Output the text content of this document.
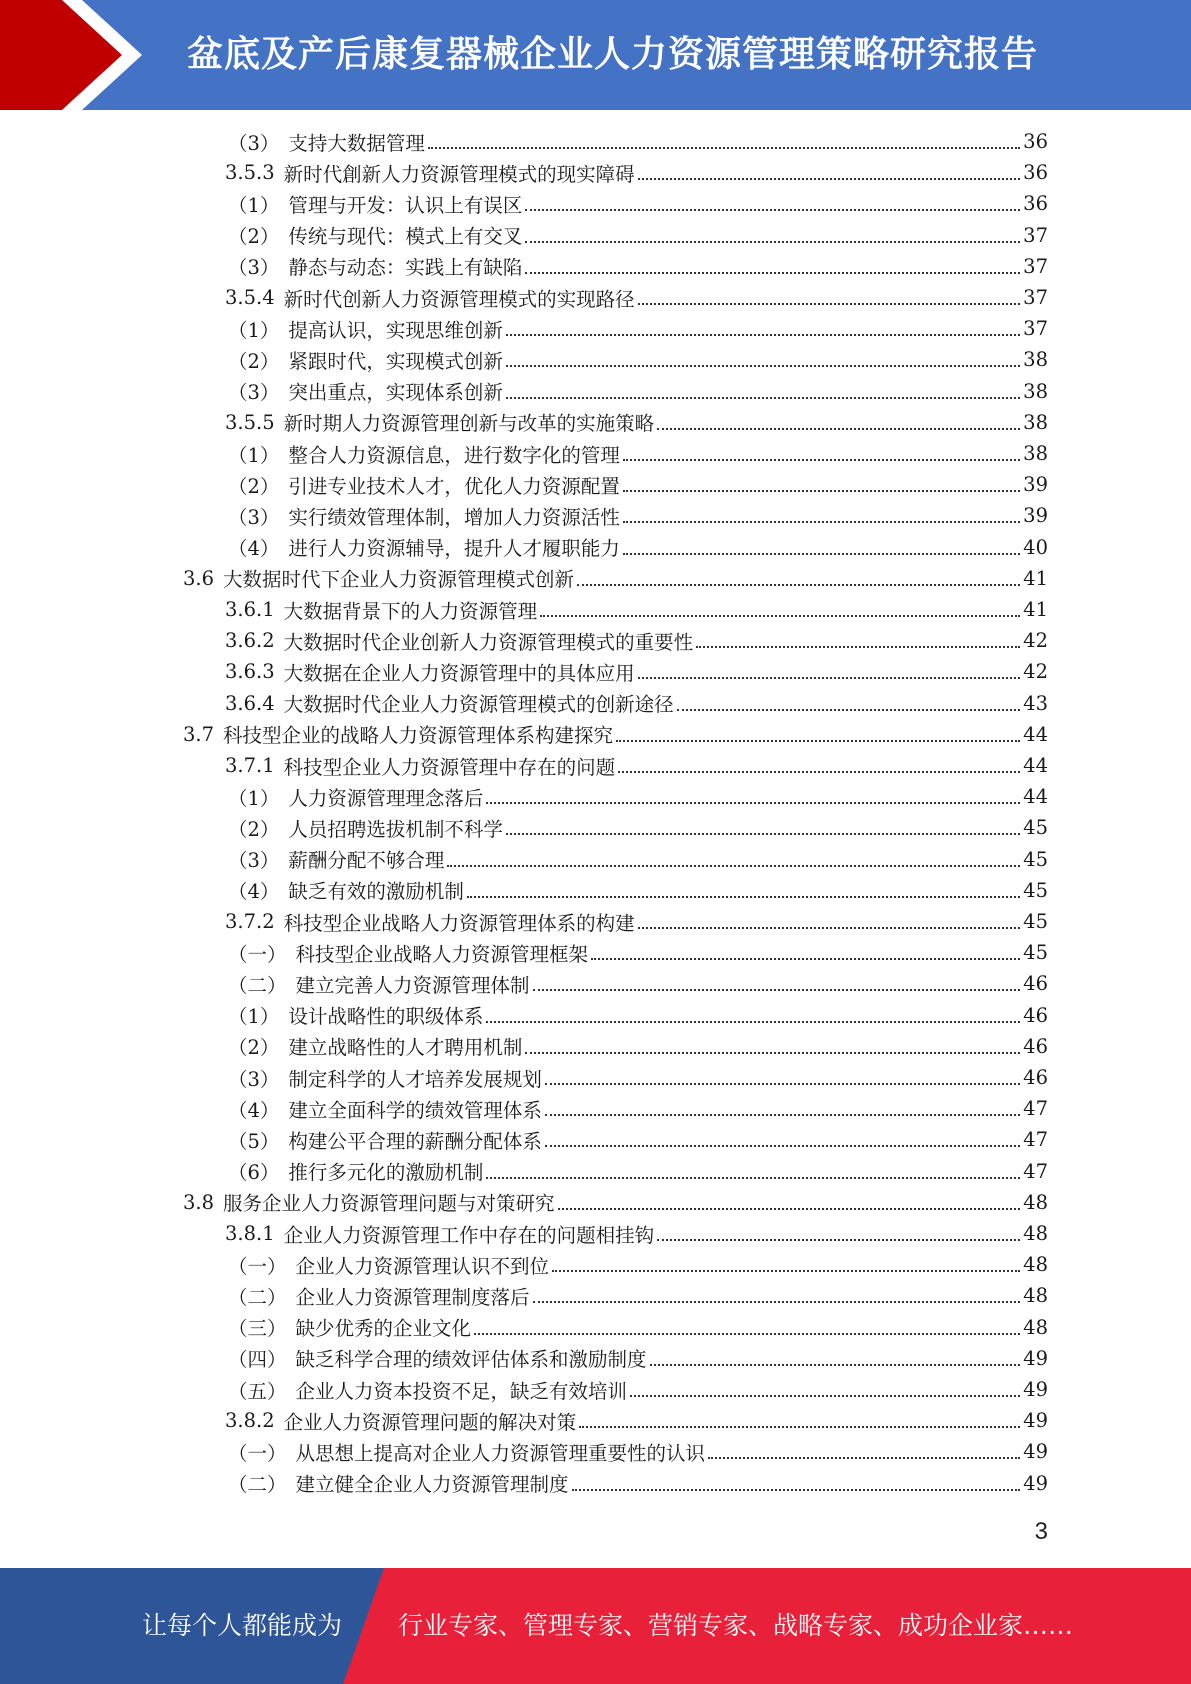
盆底及产后康复器械企业人力资源管理策略研究报告
（3） 支持大数据管理	36
3.5.3 新时代創新人力资源管理模式的现实障碍	36
（1） 管理与开发：认识上有误区	36
（2） 传统与现代：模式上有交叉	37
（3） 静态与动态：实践上有缺陷	37
3.5.4 新时代创新人力资源管理模式的实现路径	37
（1） 提高认识，实现思维创新	37
（2） 紧跟时代，实现模式创新	38
（3） 突出重点，实现体系创新	38
3.5.5 新时期人力资源管理创新与改革的实施策略	38
（1） 整合人力资源信息，进行数字化的管理	38
（2） 引进专业技术人才，优化人力资源配置	39
（3） 实行绩效管理体制，增加人力资源活性	39
（4） 进行人力资源辅导，提升人才履职能力	40
3.6 大数据时代下企业人力资源管理模式创新	41
3.6.1 大数据背景下的人力资源管理	41
3.6.2 大数据时代企业创新人力资源管理模式的重要性	42
3.6.3 大数据在企业人力资源管理中的具体应用	42
3.6.4 大数据时代企业人力资源管理模式的创新途径	43
3.7 科技型企业的战略人力资源管理体系构建探究	44
3.7.1 科技型企业人力资源管理中存在的问题	44
（1） 人力资源管理理念落后	44
（2） 人员招聘选拔机制不科学	45
（3） 薪酬分配不够合理	45
（4） 缺乏有效的激励机制	45
3.7.2 科技型企业战略人力资源管理体系的构建	45
（一） 科技型企业战略人力资源管理框架	45
（二） 建立完善人力资源管理体制	46
（1） 设计战略性的职级体系	46
（2） 建立战略性的人才聘用机制	46
（3） 制定科学的人才培养发展规划	46
（4） 建立全面科学的绩效管理体系	47
（5） 构建公平合理的薪酬分配体系	47
（6） 推行多元化的激励机制	47
3.8 服务企业人力资源管理问题与对策研究	48
3.8.1 企业人力资源管理工作中存在的问题相挂钩	48
（一） 企业人力资源管理认识不到位	48
（二） 企业人力资源管理制度落后	48
（三） 缺少优秀的企业文化	48
（四） 缺乏科学合理的绩效评估体系和激励制度	49
（五） 企业人力资本投资不足，缺乏有效培训	49
3.8.2 企业人力资源管理问题的解决对策	49
（一） 从思想上提高对企业人力资源管理重要性的认识	49
（二） 建立健全企业人力资源管理制度	49
3
让每个人都能成为 行业专家、管理专家、营销专家、战略专家、成功企业家……
